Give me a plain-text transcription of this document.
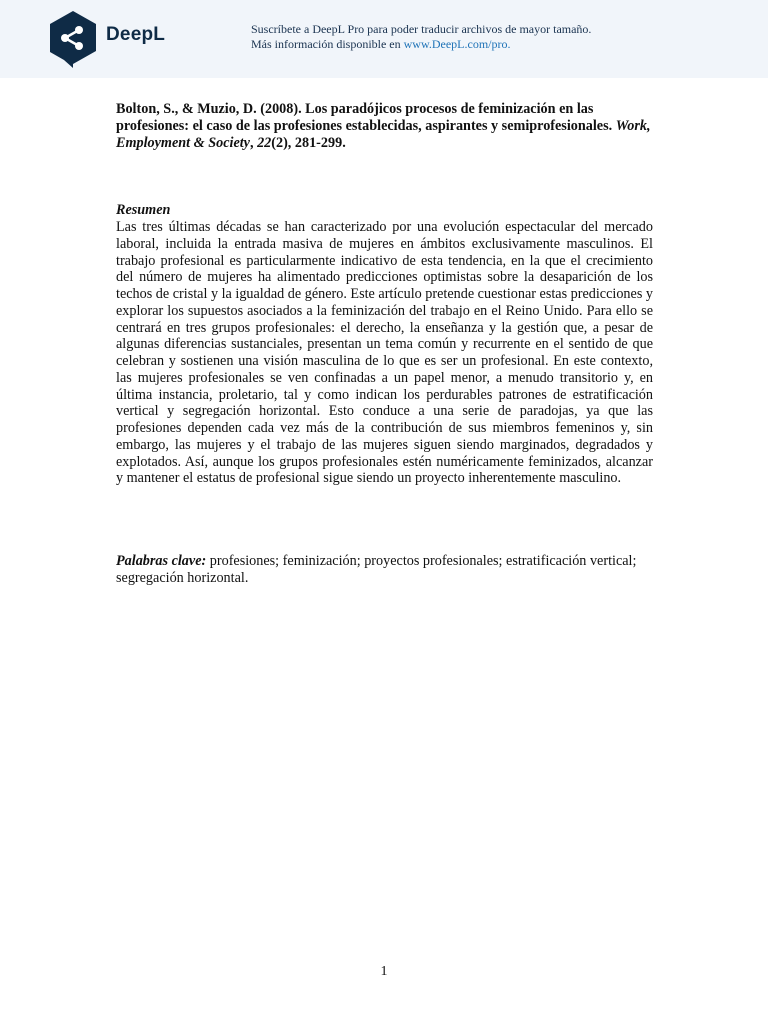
DeepL	Suscríbete a DeepL Pro para poder traducir archivos de mayor tamaño.
Más información disponible en www.DeepL.com/pro.
Bolton, S., & Muzio, D. (2008). Los paradójicos procesos de feminización en las profesiones: el caso de las profesiones establecidas, aspirantes y semiprofesionales. Work, Employment & Society, 22(2), 281-299.
Resumen
Las tres últimas décadas se han caracterizado por una evolución espectacular del mercado laboral, incluida la entrada masiva de mujeres en ámbitos exclusivamente masculinos. El trabajo profesional es particularmente indicativo de esta tendencia, en la que el crecimiento del número de mujeres ha alimentado predicciones optimistas sobre la desaparición de los techos de cristal y la igualdad de género. Este artículo pretende cuestionar estas predicciones y explorar los supuestos asociados a la feminización del trabajo en el Reino Unido. Para ello se centrará en tres grupos profesionales: el derecho, la enseñanza y la gestión que, a pesar de algunas diferencias sustanciales, presentan un tema común y recurrente en el sentido de que celebran y sostienen una visión masculina de lo que es ser un profesional. En este contexto, las mujeres profesionales se ven confinadas a un papel menor, a menudo transitorio y, en última instancia, proletario, tal y como indican los perdurables patrones de estratificación vertical y segregación horizontal. Esto conduce a una serie de paradojas, ya que las profesiones dependen cada vez más de la contribución de sus miembros femeninos y, sin embargo, las mujeres y el trabajo de las mujeres siguen siendo marginados, degradados y explotados. Así, aunque los grupos profesionales estén numéricamente feminizados, alcanzar y mantener el estatus de profesional sigue siendo un proyecto inherentemente masculino.
Palabras clave: profesiones; feminización; proyectos profesionales; estratificación vertical; segregación horizontal.
1
